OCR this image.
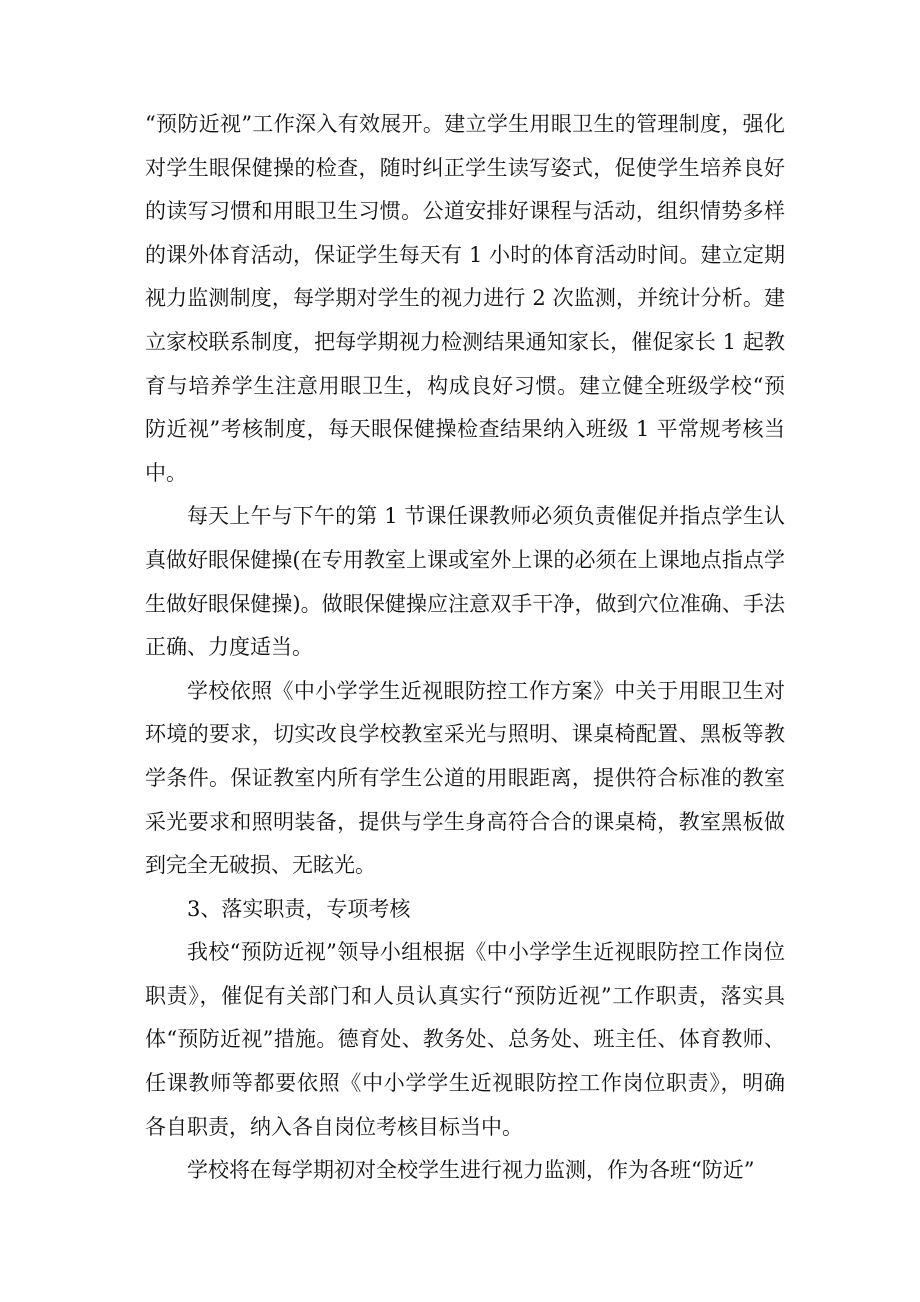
“预防近视”工作深入有效展开。建立学生用眼卫生的管理制度，强化对学生眼保健操的检查，随时纠正学生读写姿式，促使学生培养良好的读写习惯和用眼卫生习惯。公道安排好课程与活动，组织情势多样的课外体育活动，保证学生每天有 1 小时的体育活动时间。建立定期视力监测制度，每学期对学生的视力进行 2 次监测，并统计分析。建立家校联系制度，把每学期视力检测结果通知家长，催促家长 1 起教育与培养学生注意用眼卫生，构成良好习惯。建立健全班级学校“预防近视”考核制度，每天眼保健操检查结果纳入班级 1 平常规考核当中。

每天上午与下午的第 1 节课任课教师必须负责催促并指点学生认真做好眼保健操(在专用教室上课或室外上课的必须在上课地点指点学生做好眼保健操)。做眼保健操应注意双手干净，做到穴位准确、手法正确、力度适当。

学校依照《中小学学生近视眼防控工作方案》中关于用眼卫生对环境的要求，切实改良学校教室采光与照明、课桌椅配置、黑板等教学条件。保证教室内所有学生公道的用眼距离，提供符合标准的教室采光要求和照明装备，提供与学生身高符合合的课桌椅，教室黑板做到完全无破损、无眩光。

3、落实职责，专项考核

我校“预防近视”领导小组根据《中小学学生近视眼防控工作岗位职责》，催促有关部门和人员认真实行“预防近视”工作职责，落实具体“预防近视”措施。德育处、教务处、总务处、班主任、体育教师、任课教师等都要依照《中小学学生近视眼防控工作岗位职责》，明确各自职责，纳入各自岗位考核目标当中。

学校将在每学期初对全校学生进行视力监测，作为各班“防近”
